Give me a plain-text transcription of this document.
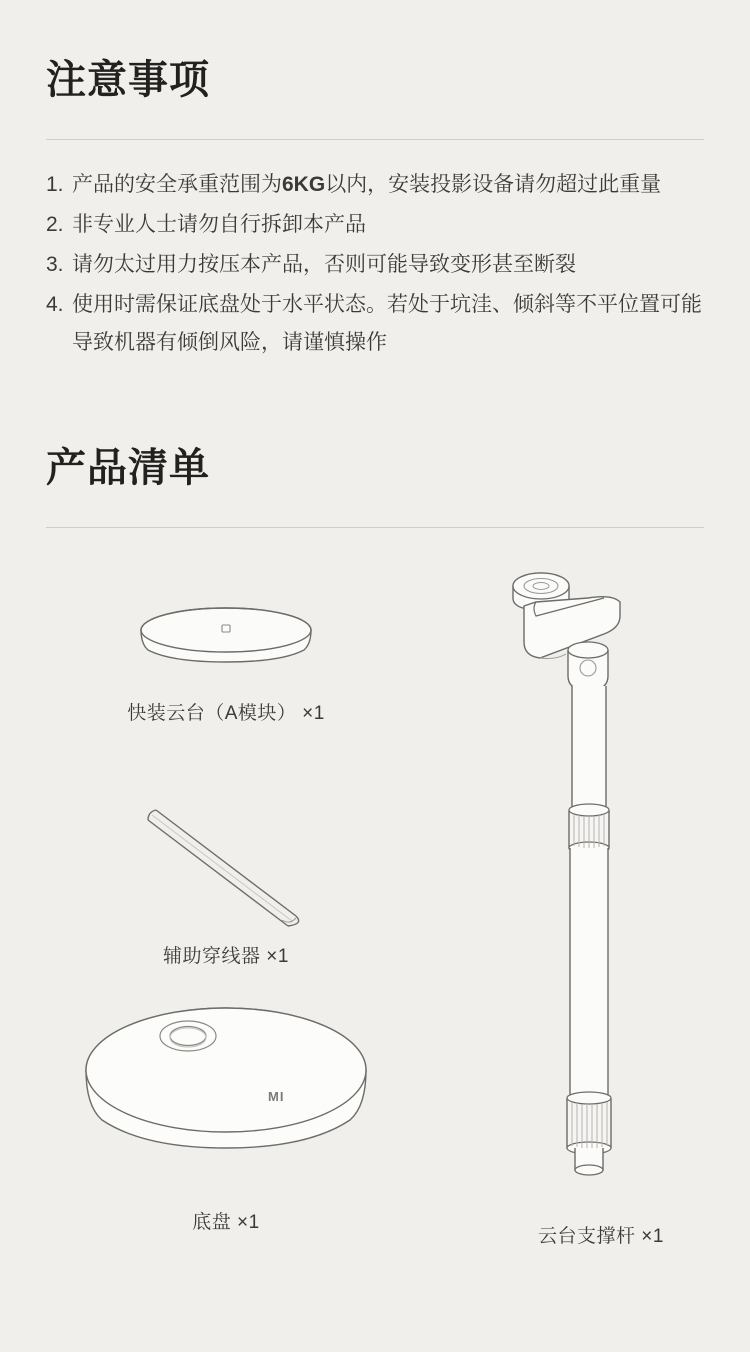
注意事项
1. 产品的安全承重范围为6KG以内，安装投影设备请勿超过此重量
2. 非专业人士请勿自行拆卸本产品
3. 请勿太过用力按压本产品，否则可能导致变形甚至断裂
4. 使用时需保证底盘处于水平状态。若处于坑洼、倾斜等不平位置可能导致机器有倾倒风险，请谨慎操作
产品清单
快装云台（A模块） ×1
辅助穿线器 ×1
MI
底盘 ×1
云台支撑杆 ×1
